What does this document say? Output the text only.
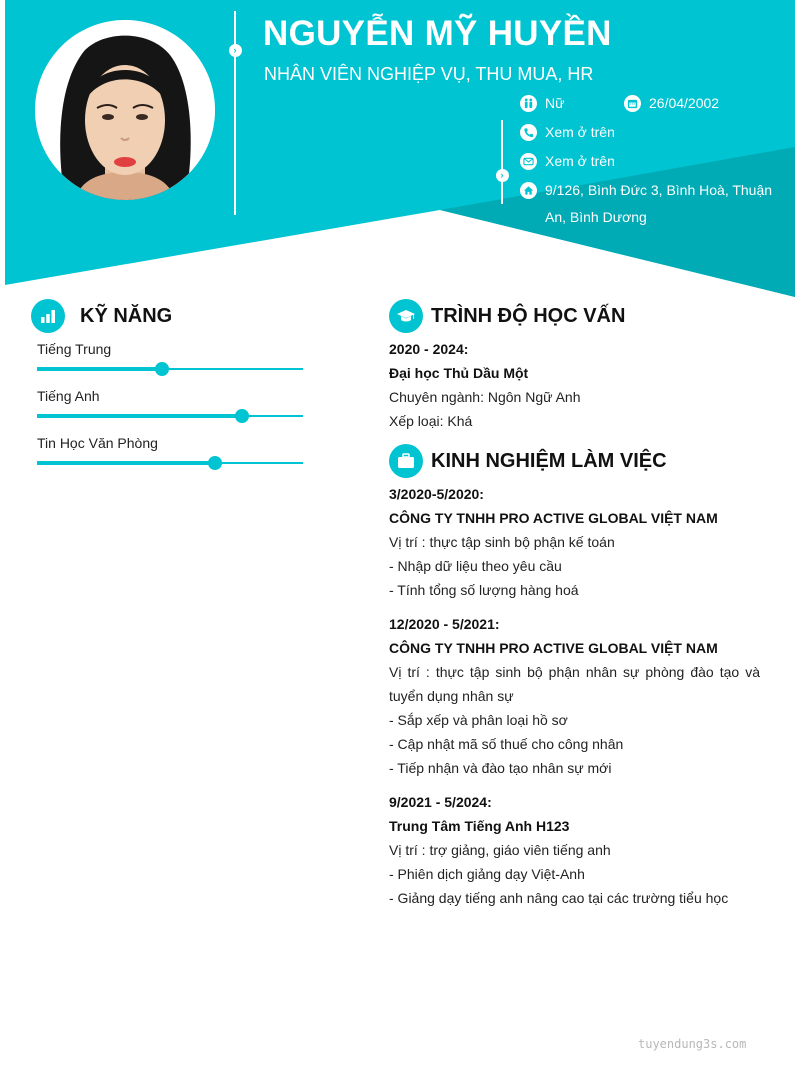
› NGUYỄN MỸ HUYỀN
NHÂN VIÊN NGHIỆP VỤ, THU MUA, HR
›
Nữ	26/04/2002
Xem ở trên
Xem ở trên
9/126, Bình Đức 3, Bình Hoà, Thuận An, Bình Dương
KỸ NĂNG
Tiếng Trung
Tiếng Anh
Tin Học Văn Phòng
TRÌNH ĐỘ HỌC VẤN
2020 - 2024:
Đại học Thủ Dầu Một
Chuyên ngành: Ngôn Ngữ Anh
Xếp loại: Khá
KINH NGHIỆM LÀM VIỆC
3/2020-5/2020:
CÔNG TY TNHH PRO ACTIVE GLOBAL VIỆT NAM
Vị trí : thực tập sinh bộ phận kế toán
- Nhập dữ liệu theo yêu cầu
- Tính tổng số lượng hàng hoá
12/2020 - 5/2021:
CÔNG TY TNHH PRO ACTIVE GLOBAL VIỆT NAM
Vị trí : thực tập sinh bộ phận nhân sự phòng đào tạo và tuyển dụng nhân sự
- Sắp xếp và phân loại hồ sơ
- Cập nhật mã số thuế cho công nhân
- Tiếp nhận và đào tạo nhân sự mới
9/2021 - 5/2024:
Trung Tâm Tiếng Anh H123
Vị trí : trợ giảng, giáo viên tiếng anh
- Phiên dịch giảng dạy Việt-Anh
- Giảng dạy tiếng anh nâng cao tại các trường tiểu học
tuyendung3s.com
